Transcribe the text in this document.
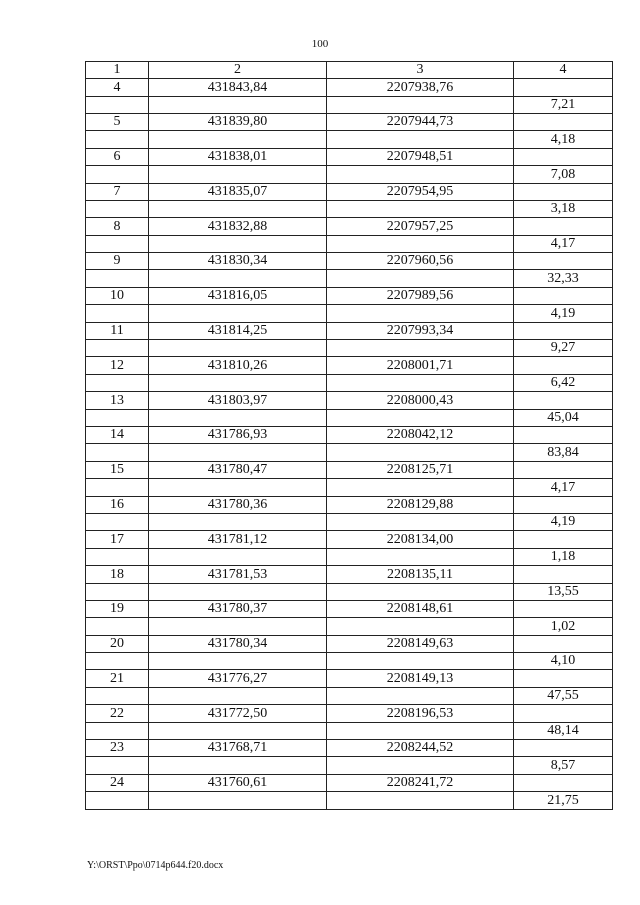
100
1	2	3	4
4	431843,84	2207938,76	
			7,21
5	431839,80	2207944,73	
			4,18
6	431838,01	2207948,51	
			7,08
7	431835,07	2207954,95	
			3,18
8	431832,88	2207957,25	
			4,17
9	431830,34	2207960,56	
			32,33
10	431816,05	2207989,56	
			4,19
11	431814,25	2207993,34	
			9,27
12	431810,26	2208001,71	
			6,42
13	431803,97	2208000,43	
			45,04
14	431786,93	2208042,12	
			83,84
15	431780,47	2208125,71	
			4,17
16	431780,36	2208129,88	
			4,19
17	431781,12	2208134,00	
			1,18
18	431781,53	2208135,11	
			13,55
19	431780,37	2208148,61	
			1,02
20	431780,34	2208149,63	
			4,10
21	431776,27	2208149,13	
			47,55
22	431772,50	2208196,53	
			48,14
23	431768,71	2208244,52	
			8,57
24	431760,61	2208241,72	
			21,75
Y:\ORST\Ppo\0714p644.f20.docx
